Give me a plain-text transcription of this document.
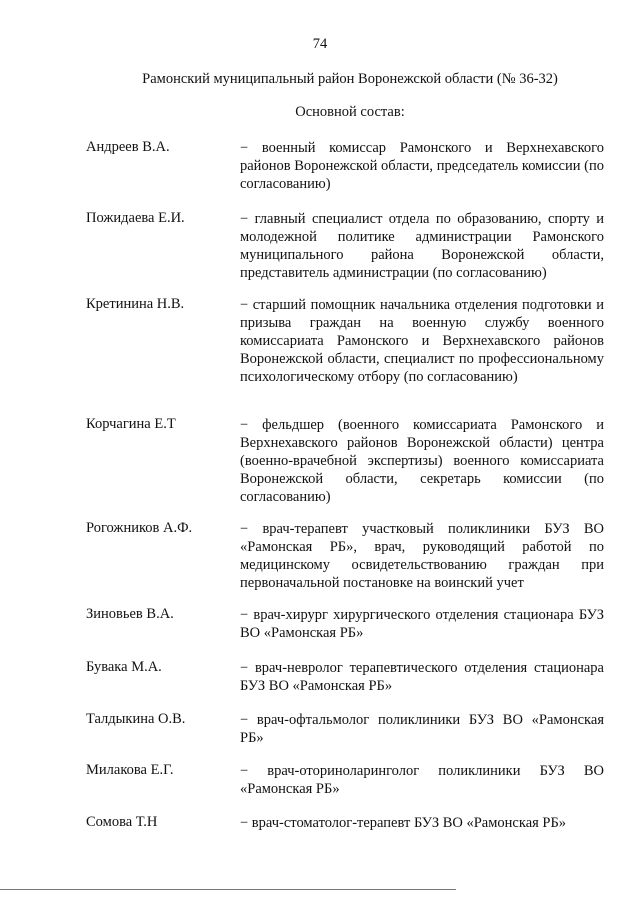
74
Рамонский муниципальный район Воронежской области (№ 36-32)
Основной состав:
Андреев В.А.	− военный комиссар Рамонского и Верхнехавского районов Воронежской области, председатель комиссии (по согласованию)
Пожидаева Е.И.	− главный специалист отдела по образованию, спорту и молодежной политике администрации Рамонского муниципального района Воронежской области, представитель администрации (по согласованию)
Кретинина Н.В.	− старший помощник начальника отделения подготовки и призыва граждан на военную службу военного комиссариата Рамонского и Верхнехавского районов Воронежской области, специалист по профессиональному психологическому отбору (по согласованию)
Корчагина Е.Т	− фельдшер (военного комиссариата Рамонского и Верхнехавского районов Воронежской области) центра (военно-врачебной экспертизы) военного комиссариата Воронежской области, секретарь комиссии (по согласованию)
Рогожников А.Ф.	− врач-терапевт участковый поликлиники БУЗ ВО «Рамонская РБ», врач, руководящий работой по медицинскому освидетельствованию граждан при первоначальной постановке на воинский учет
Зиновьев В.А.	− врач-хирург хирургического отделения стационара БУЗ ВО «Рамонская РБ»
Бувака М.А.	− врач-невролог терапевтического отделения стационара БУЗ ВО «Рамонская РБ»
Талдыкина О.В.	− врач-офтальмолог поликлиники БУЗ ВО «Рамонская РБ»
Милакова Е.Г.	− врач-оториноларинголог поликлиники БУЗ ВО «Рамонская РБ»
Сомова Т.Н	− врач-стоматолог-терапевт БУЗ ВО «Рамонская РБ»
